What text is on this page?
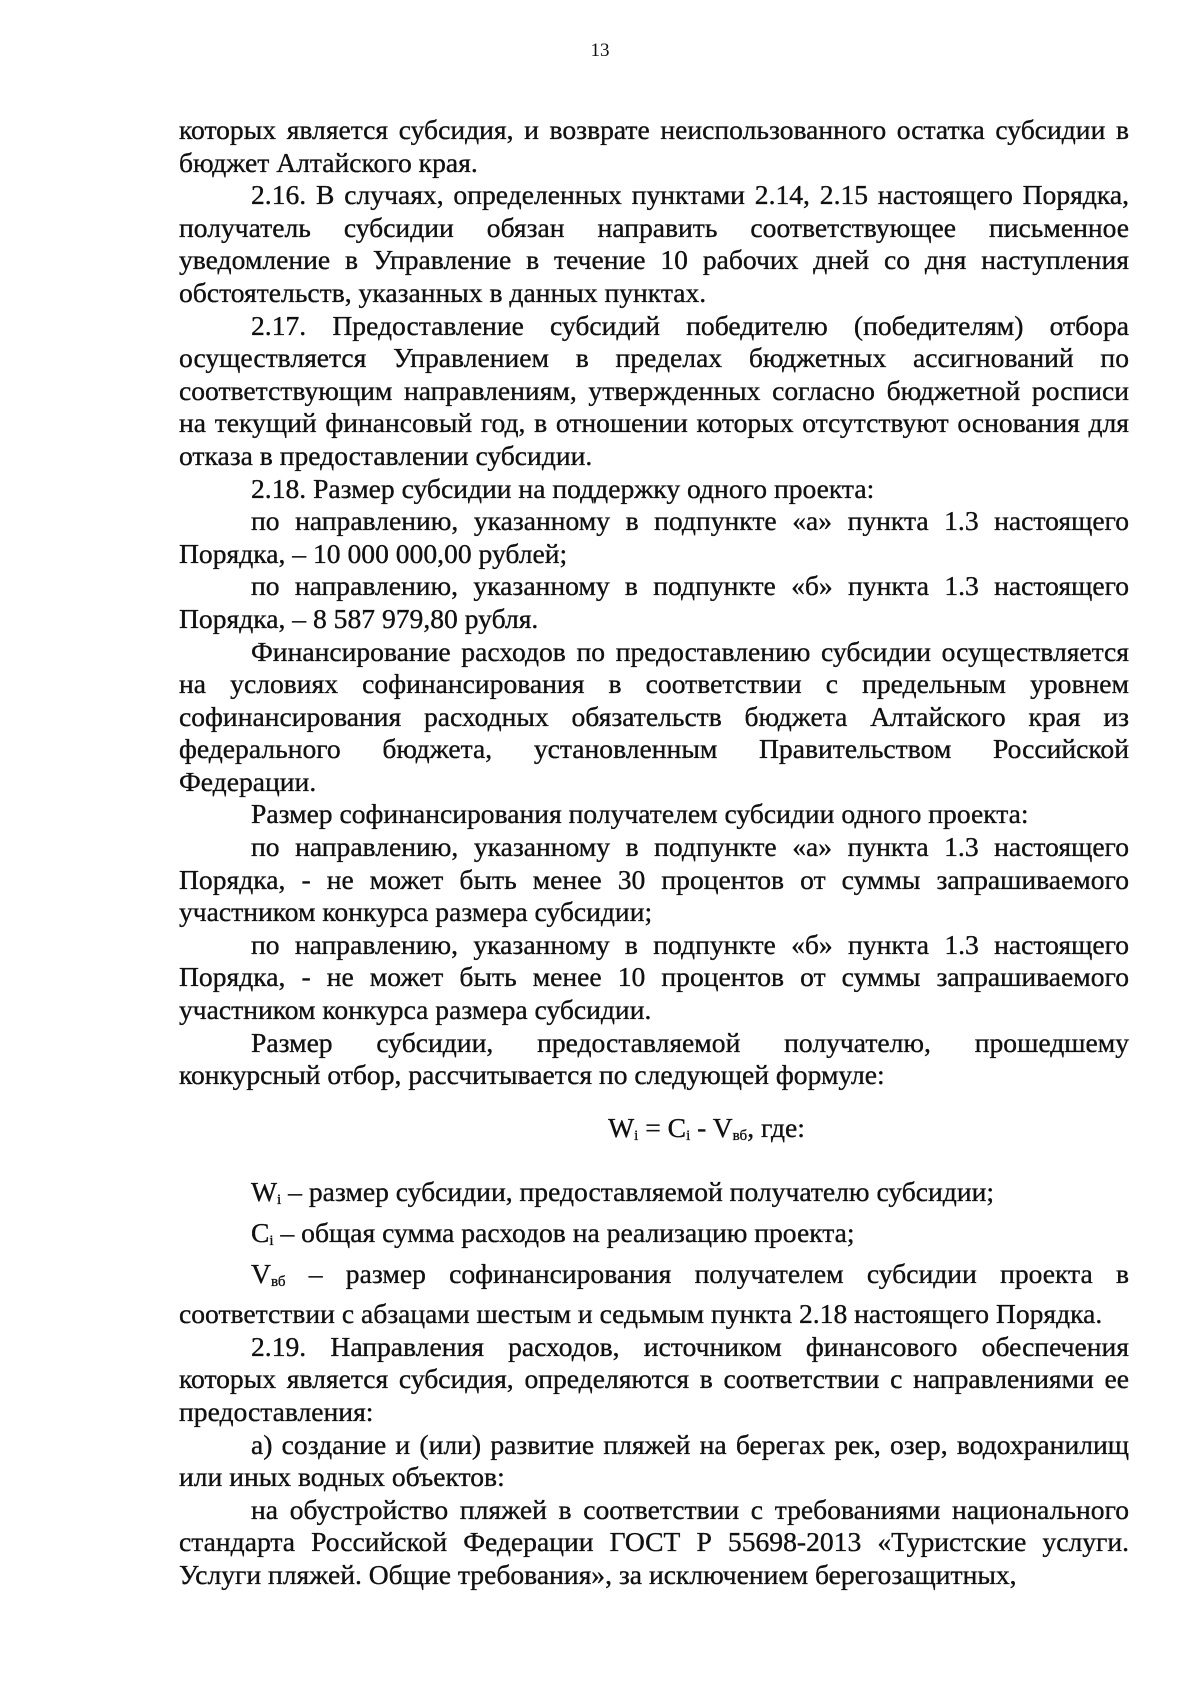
13

которых является субсидия, и возврате неиспользованного остатка субсидии в бюджет Алтайского края.

2.16. В случаях, определенных пунктами 2.14, 2.15 настоящего Порядка, получатель субсидии обязан направить соответствующее письменное уведомление в Управление в течение 10 рабочих дней со дня наступления обстоятельств, указанных в данных пунктах.

2.17. Предоставление субсидий победителю (победителям) отбора осуществляется Управлением в пределах бюджетных ассигнований по соответствующим направлениям, утвержденных согласно бюджетной росписи на текущий финансовый год, в отношении которых отсутствуют основания для отказа в предоставлении субсидии.

2.18. Размер субсидии на поддержку одного проекта:

по направлению, указанному в подпункте «а» пункта 1.3 настоящего Порядка, – 10 000 000,00 рублей;

по направлению, указанному в подпункте «б» пункта 1.3 настоящего Порядка, – 8 587 979,80 рубля.

Финансирование расходов по предоставлению субсидии осуществляется на условиях софинансирования в соответствии с предельным уровнем софинансирования расходных обязательств бюджета Алтайского края из федерального бюджета, установленным Правительством Российской Федерации.

Размер софинансирования получателем субсидии одного проекта:

по направлению, указанному в подпункте «а» пункта 1.3 настоящего Порядка, - не может быть менее 30 процентов от суммы запрашиваемого участником конкурса размера субсидии;

по направлению, указанному в подпункте «б» пункта 1.3 настоящего Порядка, - не может быть менее 10 процентов от суммы запрашиваемого участником конкурса размера субсидии.

Размер субсидии, предоставляемой получателю, прошедшему конкурсный отбор, рассчитывается по следующей формуле:

$W_i = C_i - V_{вб}$, где:

$W_i$ – размер субсидии, предоставляемой получателю субсидии;

$C_i$ – общая сумма расходов на реализацию проекта;

$V_{вб}$ – размер софинансирования получателем субсидии проекта в соответствии с абзацами шестым и седьмым пункта 2.18 настоящего Порядка.

2.19. Направления расходов, источником финансового обеспечения которых является субсидия, определяются в соответствии с направлениями ее предоставления:

а) создание и (или) развитие пляжей на берегах рек, озер, водохранилищ или иных водных объектов:

на обустройство пляжей в соответствии с требованиями национального стандарта Российской Федерации ГОСТ Р 55698-2013 «Туристские услуги. Услуги пляжей. Общие требования», за исключением берегозащитных,
